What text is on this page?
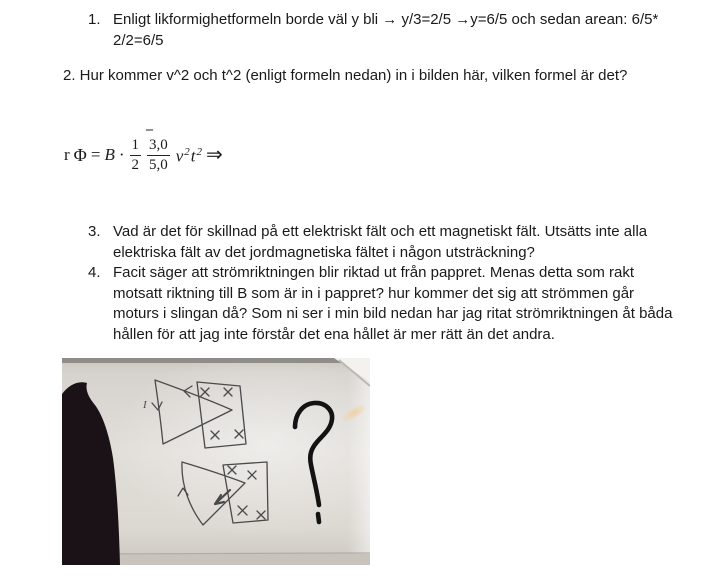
1. Enligt likformighetformeln borde väl y bli → y/3=2/5 →y=6/5 och sedan arean: 6/5* 2/2=6/5
2. Hur kommer v^2 och t^2 (enligt formeln nedan) in i bilden här, vilken formel är det?
r $\Phi = B \cdot \frac{1}{2}$
‒
$\frac{3,0}{5,0} v^2t^2$ ⇒
3. Vad är det för skillnad på ett elektriskt fält och ett magnetiskt fält. Utsätts inte alla elektriska fält av det jordmagnetiska fältet i någon utsträckning?
4. Facit säger att strömriktningen blir riktad ut från pappret. Menas detta som rakt motsatt riktning till B som är in i pappret? hur kommer det sig att strömmen går moturs i slingan då? Som ni ser i min bild nedan har jag ritat strömriktningen åt båda hållen för att jag inte förstår det ena hållet är mer rätt än det andra.
I
